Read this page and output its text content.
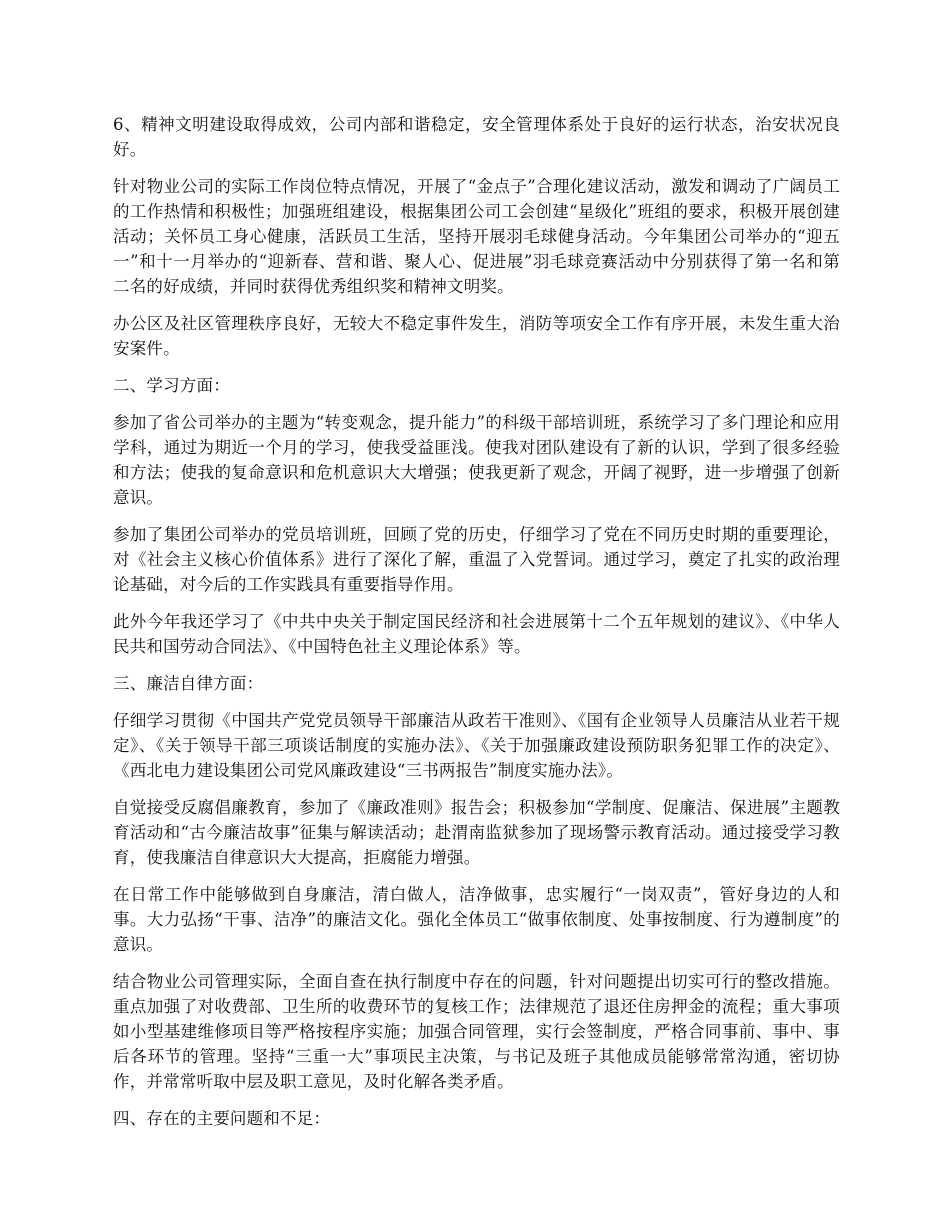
6、精神文明建设取得成效，公司内部和谐稳定，安全管理体系处于良好的运行状态，治安状况良好。

针对物业公司的实际工作岗位特点情况，开展了“金点子”合理化建议活动，激发和调动了广阔员工的工作热情和积极性；加强班组建设，根据集团公司工会创建“星级化”班组的要求，积极开展创建活动；关怀员工身心健康，活跃员工生活，坚持开展羽毛球健身活动。今年集团公司举办的“迎五一”和十一月举办的“迎新春、营和谐、聚人心、促进展”羽毛球竞赛活动中分别获得了第一名和第二名的好成绩，并同时获得优秀组织奖和精神文明奖。

办公区及社区管理秩序良好，无较大不稳定事件发生，消防等项安全工作有序开展，未发生重大治安案件。

二、学习方面：

参加了省公司举办的主题为“转变观念，提升能力”的科级干部培训班，系统学习了多门理论和应用学科，通过为期近一个月的学习，使我受益匪浅。使我对团队建设有了新的认识，学到了很多经验和方法；使我的复命意识和危机意识大大增强；使我更新了观念，开阔了视野，进一步增强了创新意识。

参加了集团公司举办的党员培训班，回顾了党的历史，仔细学习了党在不同历史时期的重要理论，对《社会主义核心价值体系》进行了深化了解，重温了入党誓词。通过学习，奠定了扎实的政治理论基础，对今后的工作实践具有重要指导作用。

此外今年我还学习了《中共中央关于制定国民经济和社会进展第十二个五年规划的建议》、《中华人民共和国劳动合同法》、《中国特色社主义理论体系》等。

三、廉洁自律方面：

仔细学习贯彻《中国共产党党员领导干部廉洁从政若干准则》、《国有企业领导人员廉洁从业若干规定》、《关于领导干部三项谈话制度的实施办法》、《关于加强廉政建设预防职务犯罪工作的决定》、《西北电力建设集团公司党风廉政建设“三书两报告”制度实施办法》。

自觉接受反腐倡廉教育，参加了《廉政准则》报告会；积极参加“学制度、促廉洁、保进展”主题教育活动和“古今廉洁故事”征集与解读活动；赴渭南监狱参加了现场警示教育活动。通过接受学习教育，使我廉洁自律意识大大提高，拒腐能力增强。

在日常工作中能够做到自身廉洁，清白做人，洁净做事，忠实履行“一岗双责”，管好身边的人和事。大力弘扬“干事、洁净”的廉洁文化。强化全体员工“做事依制度、处事按制度、行为遵制度”的意识。

结合物业公司管理实际，全面自查在执行制度中存在的问题，针对问题提出切实可行的整改措施。重点加强了对收费部、卫生所的收费环节的复核工作；法律规范了退还住房押金的流程；重大事项如小型基建维修项目等严格按程序实施；加强合同管理，实行会签制度，严格合同事前、事中、事后各环节的管理。坚持“三重一大”事项民主决策，与书记及班子其他成员能够常常沟通，密切协作，并常常听取中层及职工意见，及时化解各类矛盾。

四、存在的主要问题和不足：
